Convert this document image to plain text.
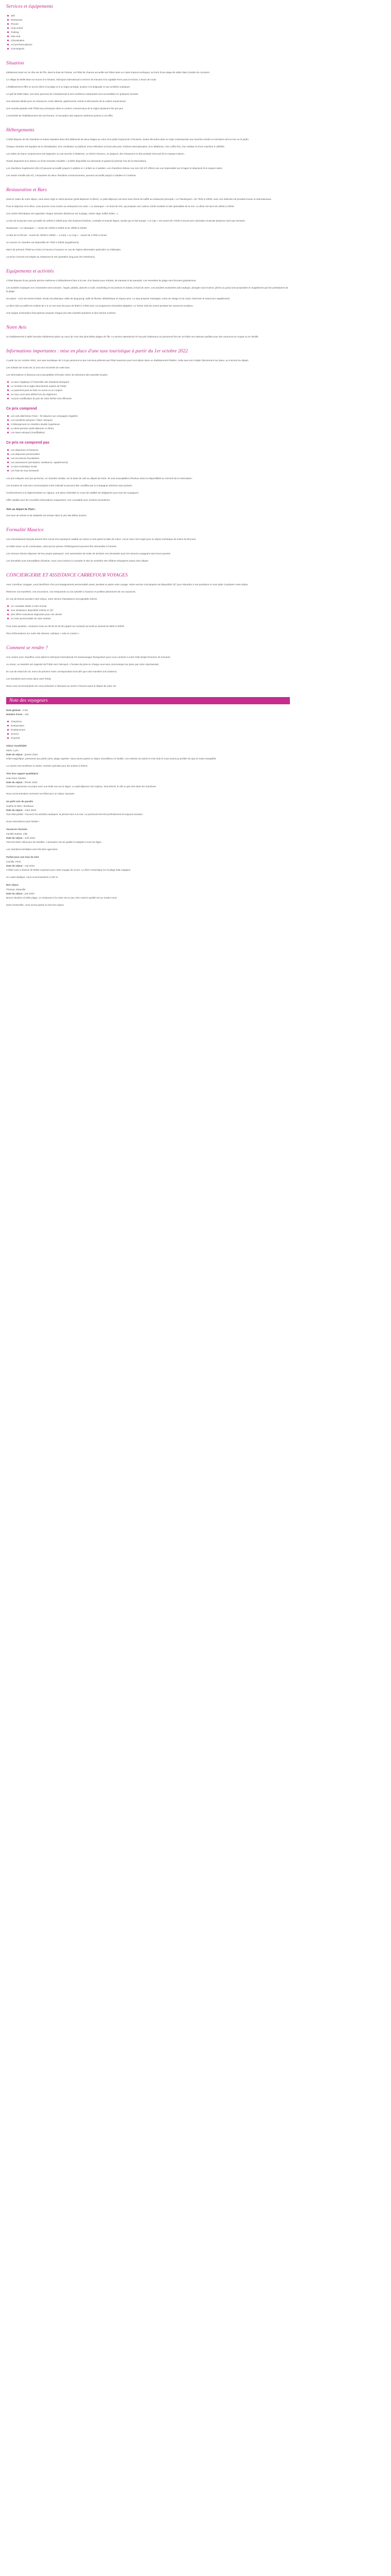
Services et équipements
Wifi
Restaurant
Piscine
Club enfant
Parking
Mini-club
Climatisation
Accueil francophone
Conciergerie
Situation

Idéalement situé sur la côte est de l'île, dans la baie de Palmar, cet hôtel de charme accueille ses hôtes dans un cadre tropical verdoyant, au bord d'une plage de sable blanc bordée de cocotiers.

Le village de Belle Mare se trouve à 5 minutes, l'aéroport international à environ 45 minutes et la capitale Port-Louis à environ 1 heure de route.

L'établissement offre un accès direct à la plage et à un lagon protégé, propice à la baignade et aux activités nautiques.

Le golf de Belle Mare, ses deux parcours de championnat et ses nombreux restaurants sont accessibles en quelques minutes.

Une adresse idéale pour se ressourcer, entre détente, gastronomie créole et découverte de la culture mauricienne.

Une navette gratuite relie l'hôtel aux principaux sites et centres commerciaux de la région plusieurs fois par jour.

L'ensemble de l'établissement est non-fumeur, à l'exception des espaces extérieurs prévus à cet effet.

Hébergements

L'hôtel dispose de 86 chambres et suites réparties dans des bâtiments de deux étages au cœur d'un jardin tropical de 3 hectares, toutes décorées dans un style contemporain aux touches créoles et orientées vers la mer ou le jardin.

Chaque chambre est équipée de la climatisation, d'un ventilateur au plafond, d'une télévision à écran plat avec chaînes internationales, d'un téléphone, d'un coffre-fort, d'un minibar et d'une machine à café/thé.

Les salles de bains comprennent une baignoire ou une douche à l'italienne, un sèche-cheveux, un peignoir, des chaussons et des produits d'accueil de la marque maison.

Toutes disposent d'un balcon ou d'une terrasse meublée. Lit bébé disponible sur demande et gratuit (à préciser lors de la réservation).

Les chambres Supérieures (35 m²) peuvent accueillir jusqu'à 2 adultes et 1 enfant ou 3 adultes. Les chambres Deluxe vue mer (40 m²) offrent une vue imprenable sur le lagon et disposent d'un espace salon.

Les Suites Famille (60 m²), composées de deux chambres communicantes, peuvent accueillir jusqu'à 2 adultes et 3 enfants.

Restauration et Bars

Dans le cadre de votre séjour, vous serez logé en demi-pension (petit-déjeuner et dîner). Le petit-déjeuner est servi sous forme de buffet au restaurant principal « Le Flamboyant » de 7h00 à 10h30, avec une sélection de produits locaux et internationaux.

Pour le déjeuner et le dîner, vous pourrez vous rendre au restaurant à la carte « La Varangue » en bord de mer, qui propose une cuisine créole revisitée et des spécialités de la mer. Le dîner est servi de 19h00 à 22h00.

Une soirée thématique est organisée chaque semaine (barbecue sur la plage, soirée séga, buffet indien...).

Le bar de la piscine vous accueille de 10h00 à 18h00 pour des boissons fraîches, cocktails et snacks légers, tandis que le bar-lounge « Le Cap » est ouvert de 17h00 à minuit avec animation musicale plusieurs soirs par semaine.

Restaurant « La Varangue » : ouvert de 12h00 à 15h00 et de 19h00 à 22h00.

Le Bar de la Piscine : ouvert de 10h00 à 18h00 — Le Bar « Le Cap » : ouvert de 17h00 à minuit.

Un service en chambre est disponible de 7h00 à 23h00 (supplément).

Merci de prévenir l'hôtel au moins 24 heures à l'avance en cas de régime alimentaire particulier ou d'allergies.

La tenue correcte est exigée au restaurant le soir (pantalon long pour les messieurs).

Equipements et activités

L'hôtel dispose d'une grande piscine extérieure à débordement face à la mer, d'un bassin pour enfants, de transats et de parasols. Les serviettes de plage sont fournies gratuitement.

Les activités nautiques non motorisées sont incluses : kayak, pédalo, planche à voile, snorkeling et excursions en bateau à fond de verre. Les activités motorisées (ski nautique, plongée sous-marine, pêche au gros) sont proposées en supplément par les prestataires de la plage.

Sur place : court de tennis éclairé, terrain de pétanque, table de ping-pong, salle de fitness, bibliothèque et espace jeux. Le Spa propose massages, soins du visage et du corps, hammam et sauna (en supplément).

Le Mini-club accueille les enfants de 4 à 12 ans tous les jours de 9h00 à 17h00 avec un programme d'activités adaptées. Le Teens club est ouvert pendant les vacances scolaires.

Une équipe d'animation francophone propose chaque jour des activités sportives et des soirées à thème.

Notre Avis

Un établissement à taille humaine idéalement placé au cœur de l'une des plus belles plages de l'île. Le service attentionné et l'accueil chaleureux du personnel font de cet hôtel une adresse parfaite pour des vacances en couple ou en famille.

Informations importantes : mise en place d'une taxe touristique à partir du 1er octobre 2022

À partir du 1er octobre 2022, une taxe touristique de 3 € par personne et par nuit sera prélevée par l'État mauricien pour tout séjour dans un établissement hôtelier. Cette taxe est à régler directement sur place, au moment du départ.

Les enfants de moins de 12 ans sont exonérés de cette taxe.

Les informations ci-dessous sont susceptibles d'évoluer selon les décisions des autorités locales.

La taxe s'applique à l'ensemble des résidents étrangers
Le montant est à régler directement auprès de l'hôtel
Le paiement peut se faire en euros ou en roupies
Un reçu vous sera délivré lors du règlement
Aucune modification du prix de votre forfait n'est effectuée
Ce prix comprend
Les vols aller/retour Paris – Île Maurice sur compagnie régulière
Les transferts aéroport / hôtel / aéroport
L'hébergement en chambre double Supérieure
La demi-pension (petit-déjeuner et dîner)
Les taxes aéroport (modifiables)
Ce prix ne comprend pas
Les déjeuners et boissons
Les dépenses personnelles
Les excursions facultatives
Les assurances (annulation, assistance, rapatriement)
La taxe touristique locale
Les frais de visa éventuels

Les prix indiqués sont par personne, en chambre double, sur la base de vols au départ de Paris. Ils sont susceptibles d'évoluer selon la disponibilité au moment de la réservation.

Les horaires de vols sont communiqués à titre indicatif et peuvent être modifiés par la compagnie aérienne sans préavis.

Conformément à la réglementation en vigueur, une pièce d'identité en cours de validité est obligatoire pour tous les voyageurs.

Offre valable pour les nouvelles réservations uniquement, non cumulable avec d'autres promotions.

Vols au départ de Paris :

Une taxe de sûreté et de solidarité est incluse dans le prix des billets d'avion.

Formalité Maurice

Les ressortissants français doivent être munis d'un passeport valable au moins 6 mois après la date de retour. Aucun visa n'est exigé pour un séjour touristique de moins de 90 jours.

Un billet retour ou de continuation, ainsi qu'une preuve d'hébergement peuvent être demandés à l'arrivée.

Les mineurs doivent disposer de leur propre passeport. Une autorisation de sortie de territoire est nécessaire pour les mineurs voyageant sans leurs parents.

Les formalités sont susceptibles d'évoluer, nous vous invitons à consulter le site du ministère des Affaires étrangères avant votre départ.

CONCIERGERIE ET ASSISTANCE CARREFOUR VOYAGES

Avec Carrefour Voyages, vous bénéficiez d'un accompagnement personnalisé avant, pendant et après votre voyage. Notre service conciergerie est disponible 7j/7 pour répondre à vos questions et vous aider à préparer votre séjour.

Réservez vos transferts, vos excursions, vos restaurants ou vos activités à l'avance et profitez pleinement de vos vacances.

En cas de besoin pendant votre séjour, notre service d'assistance est joignable 24h/24.

Un conseiller dédié à votre écoute
Une assistance disponible 24h/24 et 7j/7
Des offres exclusives négociées pour nos clients
Un suivi personnalisé de votre dossier

Pour toute question, contactez-nous au 09 69 32 50 50 (appel non surtaxé) du lundi au samedi de 9h00 à 20h00.

Plus d'informations sur notre site internet, rubrique « Aide et contact ».

Comment se rendre ?

Une voiture avec chauffeur vous attend à l'aéroport international Sir Seewoosagur Ramgoolam pour vous conduire à votre hôtel (trajet d'environ 45 minutes).

Au retour, un transfert est organisé de l'hôtel vers l'aéroport. L'horaire de prise en charge vous sera communiqué sur place par notre représentant.

En cas de retard de vol, merci de prévenir notre correspondant local afin que votre transfert soit maintenu.

Les transferts sont inclus dans votre forfait.

Nous vous recommandons de vous présenter à l'aéroport au moins 3 heures avant le départ de votre vol.

Note des voyageurs

Note globale : 4.5/5

Nombre d'avis : 128

Chambres
Restauration
Emplacement
Service
Propreté
Séjour inoubliable

Marie, Lyon

Date du séjour : janvier 2023

Hôtel magnifique, personnel aux petits soins, plage superbe. Nous avons passé un séjour merveilleux en famille. Les enfants ont adoré le mini-club et nous avons pu profiter du spa en toute tranquillité.

La cuisine est excellente et variée, mention spéciale pour les soirées à thème.

Très bon rapport qualité/prix

Jean-Paul, Nantes

Date du séjour : février 2023

Chambre spacieuse et propre avec une belle vue sur le lagon. Le petit-déjeuner est copieux. Seul bémol, le wifi un peu lent dans les chambres.

Nous recommandons vivement cet hôtel pour un séjour reposant.

Un petit coin de paradis

Sophie et Marc, Bordeaux

Date du séjour : mars 2023

Tout était parfait : l'accueil, les activités nautiques, la piscine face à la mer. Le personnel est très professionnel et toujours souriant.

Nous reviendrons sans hésiter !

Vacances réussies

Famille Dubois, Lille

Date du séjour : avril 2023

Très bel hôtel, idéal pour les familles. L'animation est de qualité et adaptée à tous les âges.

Les chambres familiales sont très bien agencées.

Parfait pour une lune de miel

Camille, Paris

Date du séjour : mai 2023

L'hôtel nous a réservé de belles surprises pour notre voyage de noces. Le dîner romantique sur la plage était magique.

Un cadre idyllique, nous recommandons à 100 %.

Bon séjour

Thomas, Marseille

Date du séjour : juin 2023

Bonne situation et belle plage. Le restaurant à la carte est un peu cher mais la qualité est au rendez-vous.

Dans l'ensemble, nous avons passé un très bon séjour.
